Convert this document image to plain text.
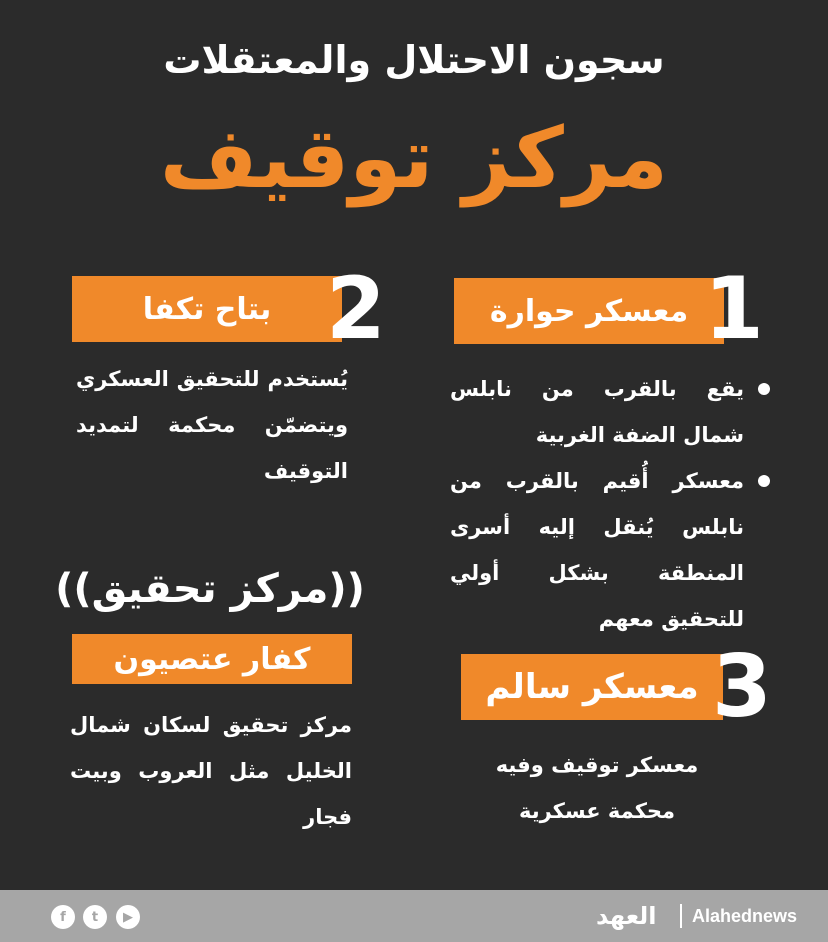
سجون الاحتلال والمعتقلات
مركز توقيف
معسكر حوارة 1
يقع بالقرب من نابلس شمال الضفة الغربية
معسكر أُقيم بالقرب من نابلس يُنقل إليه أسرى المنطقة بشكل أولي للتحقيق معهم
بتاح تكفا 2
يُستخدم للتحقيق العسكري ويتضمّن محكمة لتمديد التوقيف
معسكر سالم 3
معسكر توقيف وفيه محكمة عسكرية
((مركز تحقيق))
كفار عتصيون
مركز تحقيق لسكان شمال الخليل مثل العروب وبيت فجار
f	t	▶	العهد Alahednews
